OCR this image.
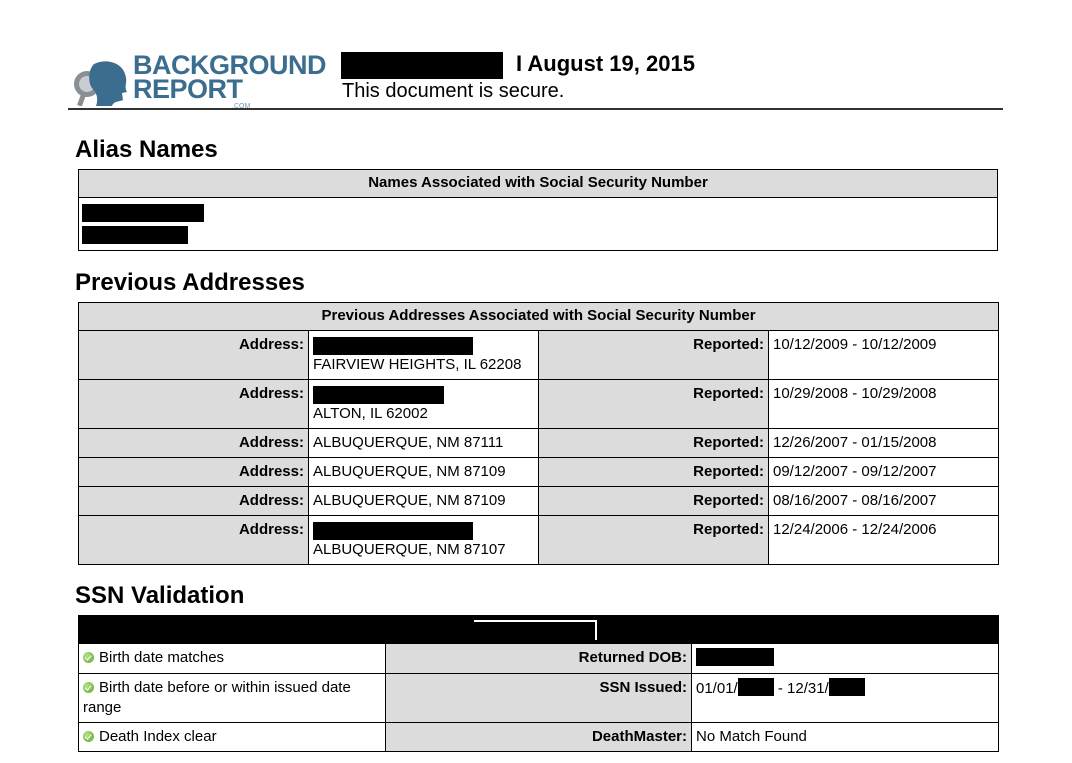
BACKGROUND
REPORT
.COM
I August 19, 2015
This document is secure.
Alias Names
Names Associated with Social Security Number

Previous Addresses
Previous Addresses Associated with Social Security Number			
Address:	FAIRVIEW HEIGHTS, IL 62208	Reported:	10/12/2009 - 10/12/2009
Address:	ALTON, IL 62002	Reported:	10/29/2008 - 10/29/2008
Address:	ALBUQUERQUE, NM 87111	Reported:	12/26/2007 - 01/15/2008
Address:	ALBUQUERQUE, NM 87109	Reported:	09/12/2007 - 09/12/2007
Address:	ALBUQUERQUE, NM 87109	Reported:	08/16/2007 - 08/16/2007
Address:	ALBUQUERQUE, NM 87107	Reported:	12/24/2006 - 12/24/2006
SSN Validation

Birth date matches	Returned DOB:	
Birth date before or within issued date range	SSN Issued:	01/01/ - 12/31/
Death Index clear	DeathMaster:	No Match Found
